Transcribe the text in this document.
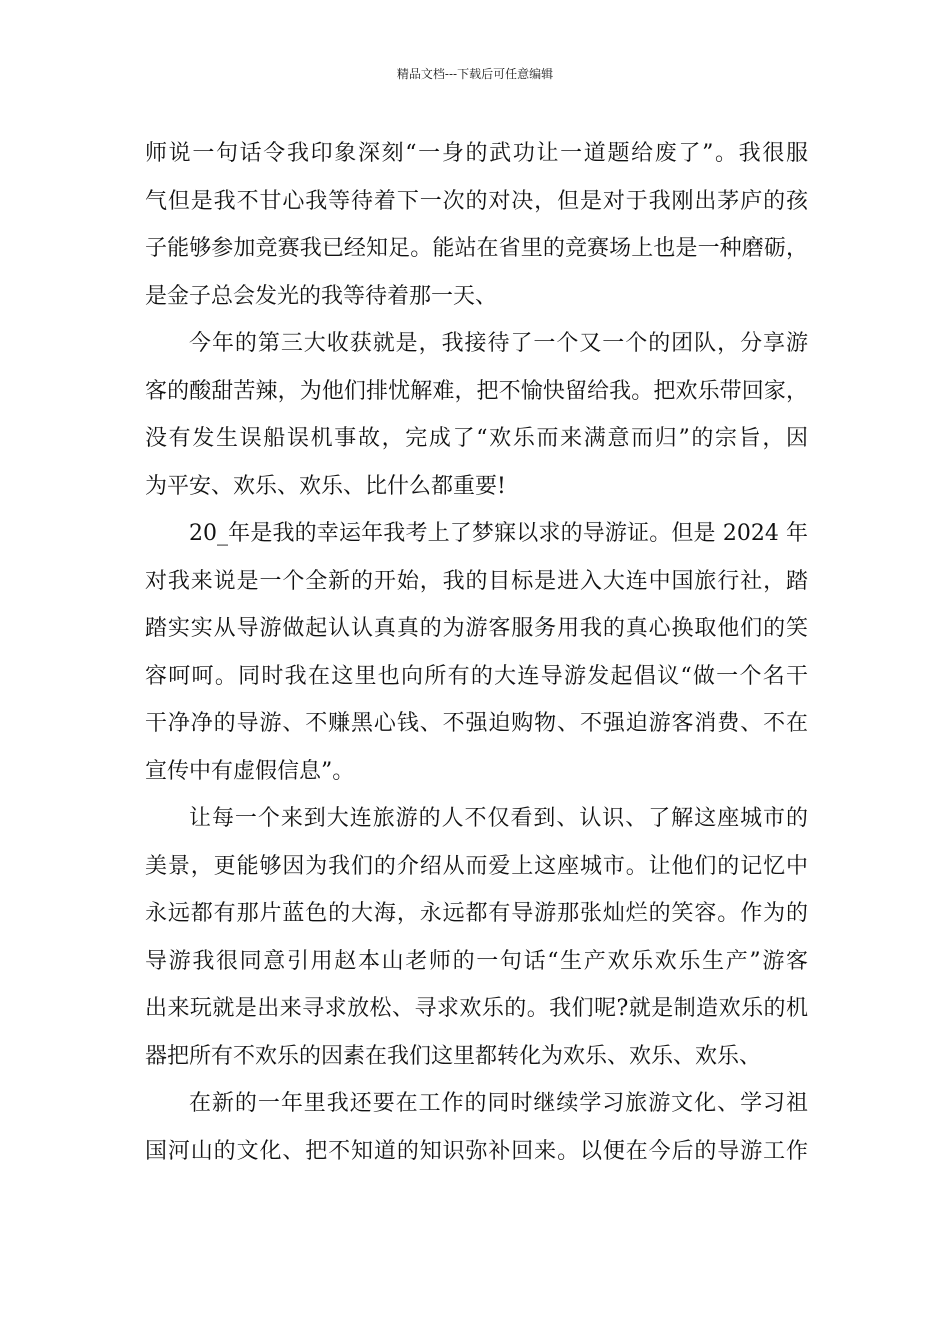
精品文档---下载后可任意编辑
师说一句话令我印象深刻“一身的武功让一道题给废了”。我很服
气但是我不甘心我等待着下一次的对决，但是对于我刚出茅庐的孩
子能够参加竞赛我已经知足。能站在省里的竞赛场上也是一种磨砺，
是金子总会发光的我等待着那一天、
今年的第三大收获就是，我接待了一个又一个的团队，分享游
客的酸甜苦辣，为他们排忧解难，把不愉快留给我。把欢乐带回家，
没有发生误船误机事故，完成了“欢乐而来满意而归”的宗旨，因
为平安、欢乐、欢乐、比什么都重要!
20_年是我的幸运年我考上了梦寐以求的导游证。但是 2024 年
对我来说是一个全新的开始，我的目标是进入大连中国旅行社，踏
踏实实从导游做起认认真真的为游客服务用我的真心换取他们的笑
容呵呵。同时我在这里也向所有的大连导游发起倡议“做一个名干
干净净的导游、不赚黑心钱、不强迫购物、不强迫游客消费、不在
宣传中有虚假信息”。
让每一个来到大连旅游的人不仅看到、认识、了解这座城市的
美景，更能够因为我们的介绍从而爱上这座城市。让他们的记忆中
永远都有那片蓝色的大海，永远都有导游那张灿烂的笑容。作为的
导游我很同意引用赵本山老师的一句话“生产欢乐欢乐生产”游客
出来玩就是出来寻求放松、寻求欢乐的。我们呢?就是制造欢乐的机
器把所有不欢乐的因素在我们这里都转化为欢乐、欢乐、欢乐、
在新的一年里我还要在工作的同时继续学习旅游文化、学习祖
国河山的文化、把不知道的知识弥补回来。以便在今后的导游工作
